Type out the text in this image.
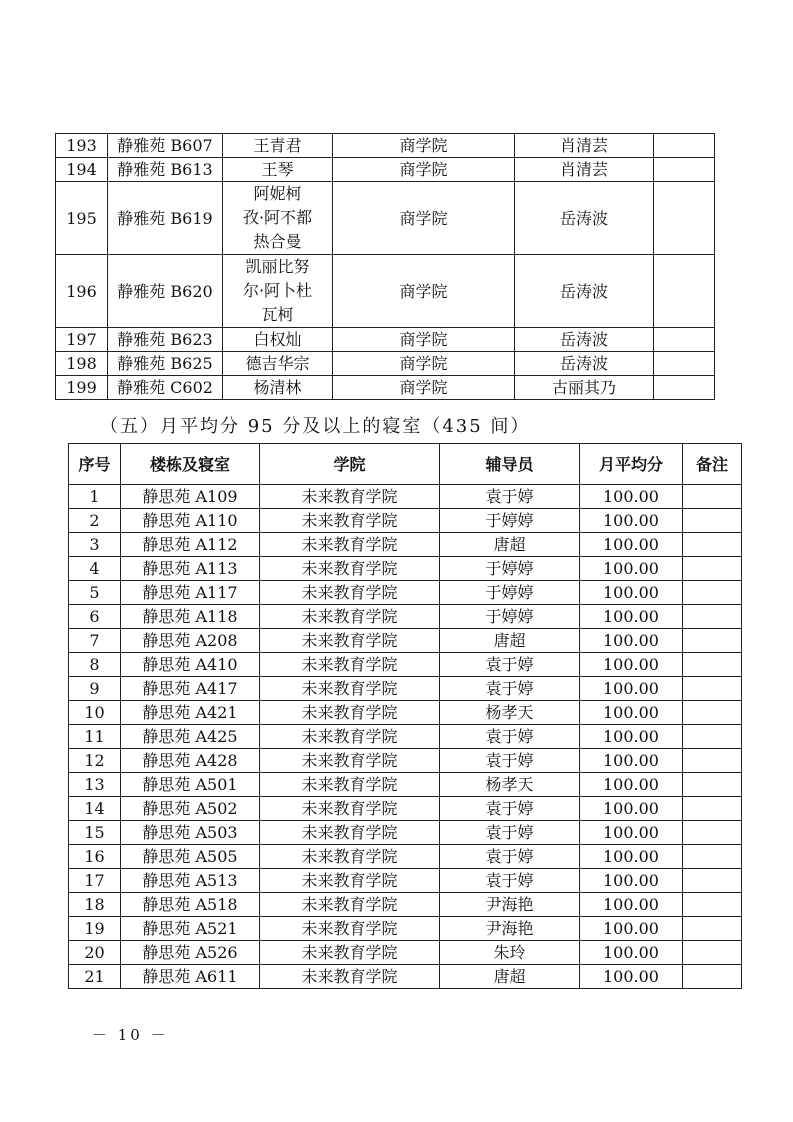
193	静雅苑 B607	王青君	商学院	肖清芸	
194	静雅苑 B613	王琴	商学院	肖清芸	
195	静雅苑 B619	阿妮柯
孜·阿不都
热合曼	商学院	岳涛波	
196	静雅苑 B620	凯丽比努
尔·阿卜杜
瓦柯	商学院	岳涛波	
197	静雅苑 B623	白权灿	商学院	岳涛波	
198	静雅苑 B625	德吉华宗	商学院	岳涛波	
199	静雅苑 C602	杨清林	商学院	古丽其乃	
（五）月平均分 95 分及以上的寝室（435 间）
序号	楼栋及寝室	学院	辅导员	月平均分	备注
1	静思苑 A109	未来教育学院	袁于婷	100.00	
2	静思苑 A110	未来教育学院	于婷婷	100.00	
3	静思苑 A112	未来教育学院	唐超	100.00	
4	静思苑 A113	未来教育学院	于婷婷	100.00	
5	静思苑 A117	未来教育学院	于婷婷	100.00	
6	静思苑 A118	未来教育学院	于婷婷	100.00	
7	静思苑 A208	未来教育学院	唐超	100.00	
8	静思苑 A410	未来教育学院	袁于婷	100.00	
9	静思苑 A417	未来教育学院	袁于婷	100.00	
10	静思苑 A421	未来教育学院	杨孝天	100.00	
11	静思苑 A425	未来教育学院	袁于婷	100.00	
12	静思苑 A428	未来教育学院	袁于婷	100.00	
13	静思苑 A501	未来教育学院	杨孝天	100.00	
14	静思苑 A502	未来教育学院	袁于婷	100.00	
15	静思苑 A503	未来教育学院	袁于婷	100.00	
16	静思苑 A505	未来教育学院	袁于婷	100.00	
17	静思苑 A513	未来教育学院	袁于婷	100.00	
18	静思苑 A518	未来教育学院	尹海艳	100.00	
19	静思苑 A521	未来教育学院	尹海艳	100.00	
20	静思苑 A526	未来教育学院	朱玲	100.00	
21	静思苑 A611	未来教育学院	唐超	100.00	
－ 10 －
